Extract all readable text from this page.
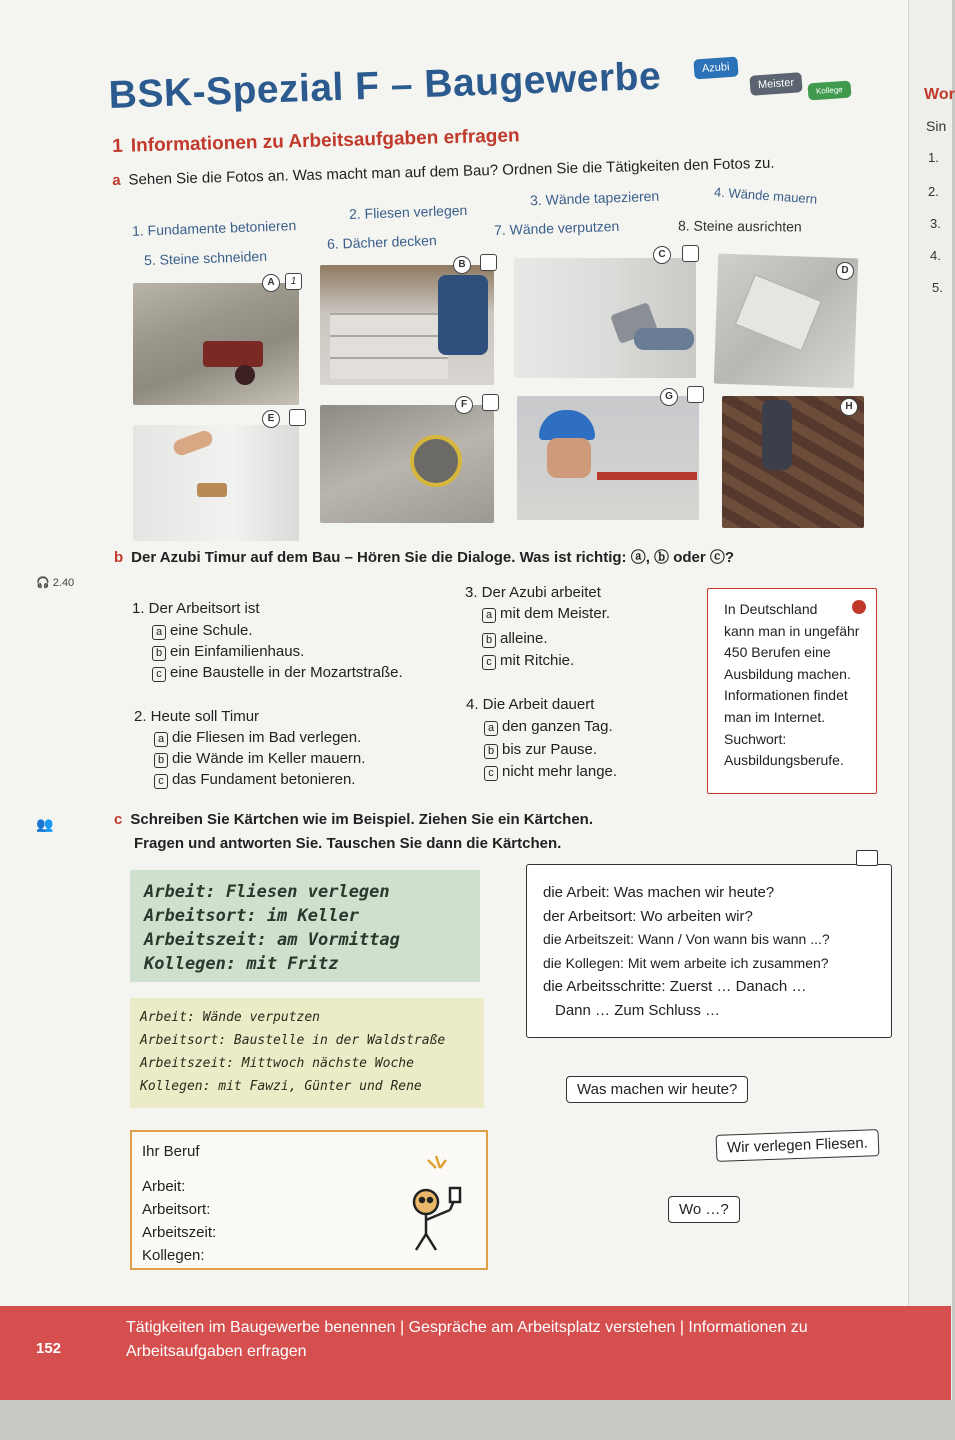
Wor
Sin
1.
2.
3.
4.
5.
Azubi
Meister	Kollege
BSK-Spezial F – Baugewerbe
1 Informationen zu Arbeitsaufgaben erfragen
a Sehen Sie die Fotos an. Was macht man auf dem Bau? Ordnen Sie die Tätigkeiten den Fotos zu.
1. Fundamente betonieren
2. Fliesen verlegen
3. Wände tapezieren	4. Wände mauern
5. Steine schneiden
6. Dächer decken
7. Wände verputzen	8. Steine ausrichten
A	1
B
C
D
E
F
G
H
🎧 2.40
b Der Azubi Timur auf dem Bau – Hören Sie die Dialoge. Was ist richtig: ⓐ, ⓑ oder ⓒ?
1. Der Arbeitsort ist
a eine Schule.
b ein Einfamilienhaus.
c eine Baustelle in der Mozartstraße.
2. Heute soll Timur
a die Fliesen im Bad verlegen.
b die Wände im Keller mauern.
c das Fundament betonieren.
3. Der Azubi arbeitet
a mit dem Meister.
b alleine.
c mit Ritchie.
4. Die Arbeit dauert
a den ganzen Tag.
b bis zur Pause.
c nicht mehr lange.
In Deutschland
kann man in ungefähr
450 Berufen eine
Ausbildung machen.
Informationen findet
man im Internet.
Suchwort:
Ausbildungsberufe.
👥	c Schreiben Sie Kärtchen wie im Beispiel. Ziehen Sie ein Kärtchen.
Fragen und antworten Sie. Tauschen Sie dann die Kärtchen.
Arbeit: Fliesen verlegen
Arbeitsort: im Keller
Arbeitszeit: am Vormittag
Kollegen: mit Fritz
Arbeit: Wände verputzen
Arbeitsort: Baustelle in der Waldstraße
Arbeitszeit: Mittwoch nächste Woche
Kollegen: mit Fawzi, Günter und Rene
die Arbeit: Was machen wir heute?
der Arbeitsort: Wo arbeiten wir?
die Arbeitszeit: Wann / Von wann bis wann ...?
die Kollegen: Mit wem arbeite ich zusammen?
die Arbeitsschritte: Zuerst … Danach …
Dann … Zum Schluss …
Ihr Beruf
Arbeit:
Arbeitsort:
Arbeitszeit:
Kollegen:
Was machen wir heute?
Wir verlegen Fliesen.
Wo …?
152
Tätigkeiten im Baugewerbe benennen | Gespräche am Arbeitsplatz verstehen | Informationen zu
Arbeitsaufgaben erfragen
